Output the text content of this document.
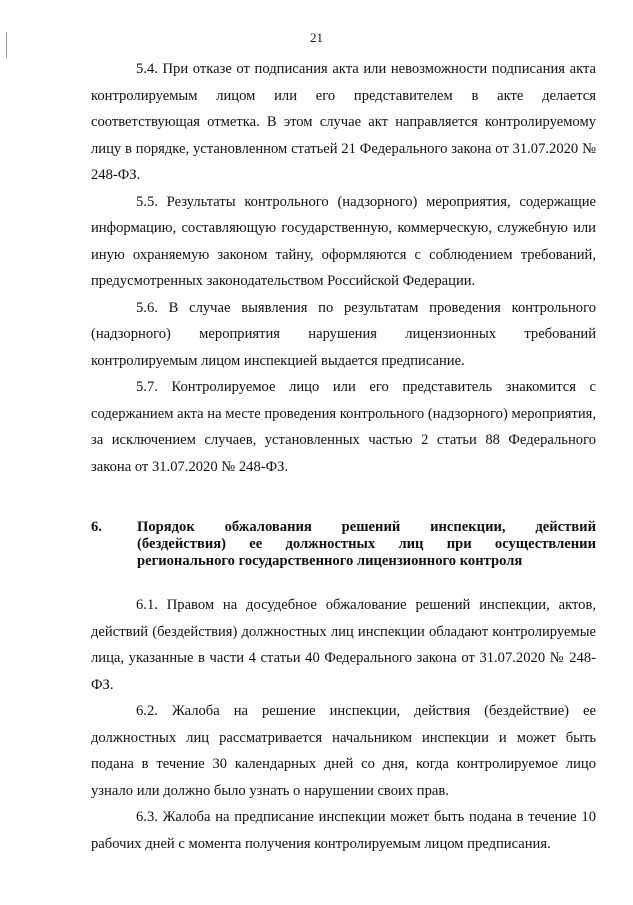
21

5.4. При отказе от подписания акта или невозможности подписания акта контролируемым лицом или его представителем в акте делается соответствующая отметка. В этом случае акт направляется контролируемому лицу в порядке, установленном статьей 21 Федерального закона от 31.07.2020 № 248-ФЗ.

5.5. Результаты контрольного (надзорного) мероприятия, содержащие информацию, составляющую государственную, коммерческую, служебную или иную охраняемую законом тайну, оформляются с соблюдением требований, предусмотренных законодательством Российской Федерации.

5.6. В случае выявления по результатам проведения контрольного (надзорного) мероприятия нарушения лицензионных требований контролируемым лицом инспекцией выдается предписание.

5.7. Контролируемое лицо или его представитель знакомится с содержанием акта на месте проведения контрольного (надзорного) мероприятия, за исключением случаев, установленных частью 2 статьи 88 Федерального закона от 31.07.2020 № 248-ФЗ.

6.	Порядок обжалования решений инспекции, действий
(бездействия) ее должностных лиц при осуществлении
регионального государственного лицензионного контроля

6.1. Правом на досудебное обжалование решений инспекции, актов, действий (бездействия) должностных лиц инспекции обладают контролируемые лица, указанные в части 4 статьи 40 Федерального закона от 31.07.2020 № 248-ФЗ.

6.2. Жалоба на решение инспекции, действия (бездействие) ее должностных лиц рассматривается начальником инспекции и может быть подана в течение 30 календарных дней со дня, когда контролируемое лицо узнало или должно было узнать о нарушении своих прав.

6.3. Жалоба на предписание инспекции может быть подана в течение 10 рабочих дней с момента получения контролируемым лицом предписания.
